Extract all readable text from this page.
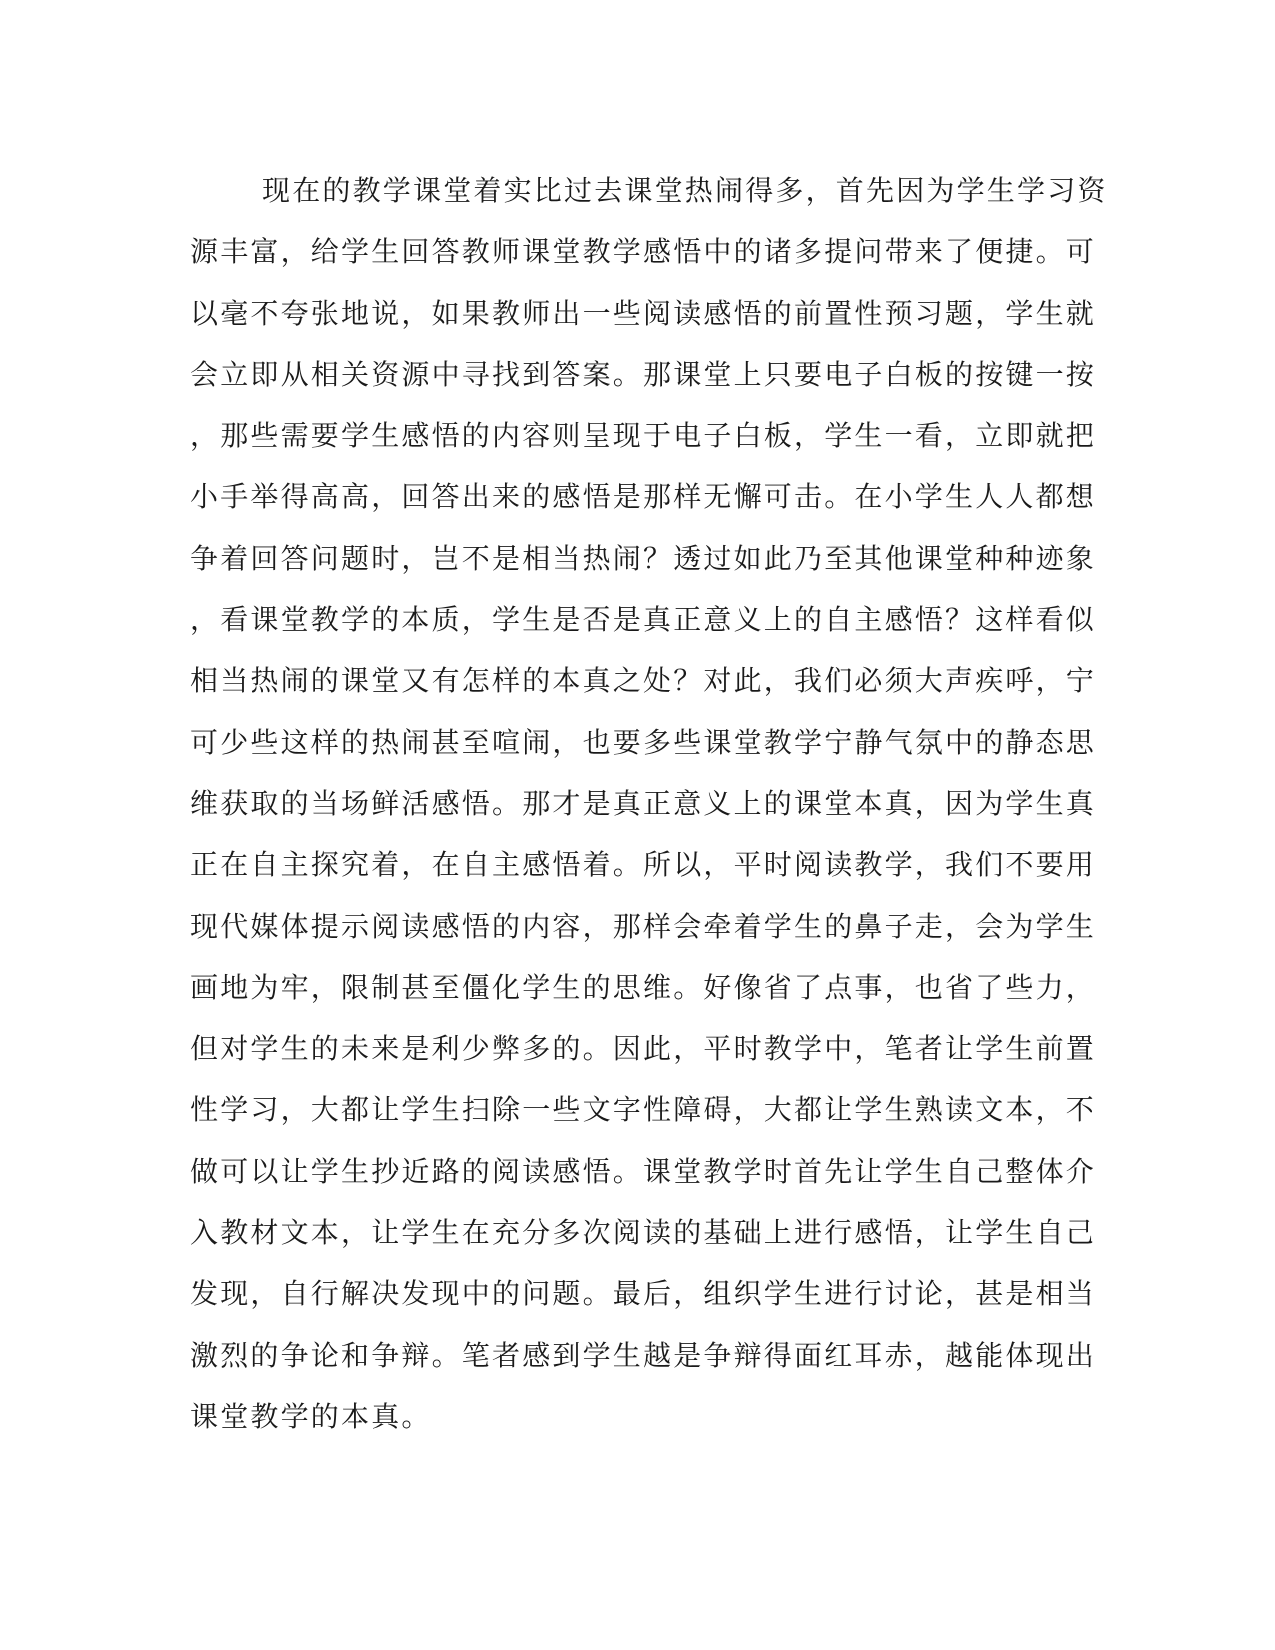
现在的教学课堂着实比过去课堂热闹得多，首先因为学生学习资
源丰富，给学生回答教师课堂教学感悟中的诸多提问带来了便捷。可
以毫不夸张地说，如果教师出一些阅读感悟的前置性预习题，学生就
会立即从相关资源中寻找到答案。那课堂上只要电子白板的按键一按
，那些需要学生感悟的内容则呈现于电子白板，学生一看，立即就把
小手举得高高，回答出来的感悟是那样无懈可击。在小学生人人都想
争着回答问题时，岂不是相当热闹？透过如此乃至其他课堂种种迹象
，看课堂教学的本质，学生是否是真正意义上的自主感悟？这样看似
相当热闹的课堂又有怎样的本真之处？对此，我们必须大声疾呼，宁
可少些这样的热闹甚至喧闹，也要多些课堂教学宁静气氛中的静态思
维获取的当场鲜活感悟。那才是真正意义上的课堂本真，因为学生真
正在自主探究着，在自主感悟着。所以，平时阅读教学，我们不要用
现代媒体提示阅读感悟的内容，那样会牵着学生的鼻子走，会为学生
画地为牢，限制甚至僵化学生的思维。好像省了点事，也省了些力，
但对学生的未来是利少弊多的。因此，平时教学中，笔者让学生前置
性学习，大都让学生扫除一些文字性障碍，大都让学生熟读文本，不
做可以让学生抄近路的阅读感悟。课堂教学时首先让学生自己整体介
入教材文本，让学生在充分多次阅读的基础上进行感悟，让学生自己
发现，自行解决发现中的问题。最后，组织学生进行讨论，甚是相当
激烈的争论和争辩。笔者感到学生越是争辩得面红耳赤，越能体现出
课堂教学的本真。
